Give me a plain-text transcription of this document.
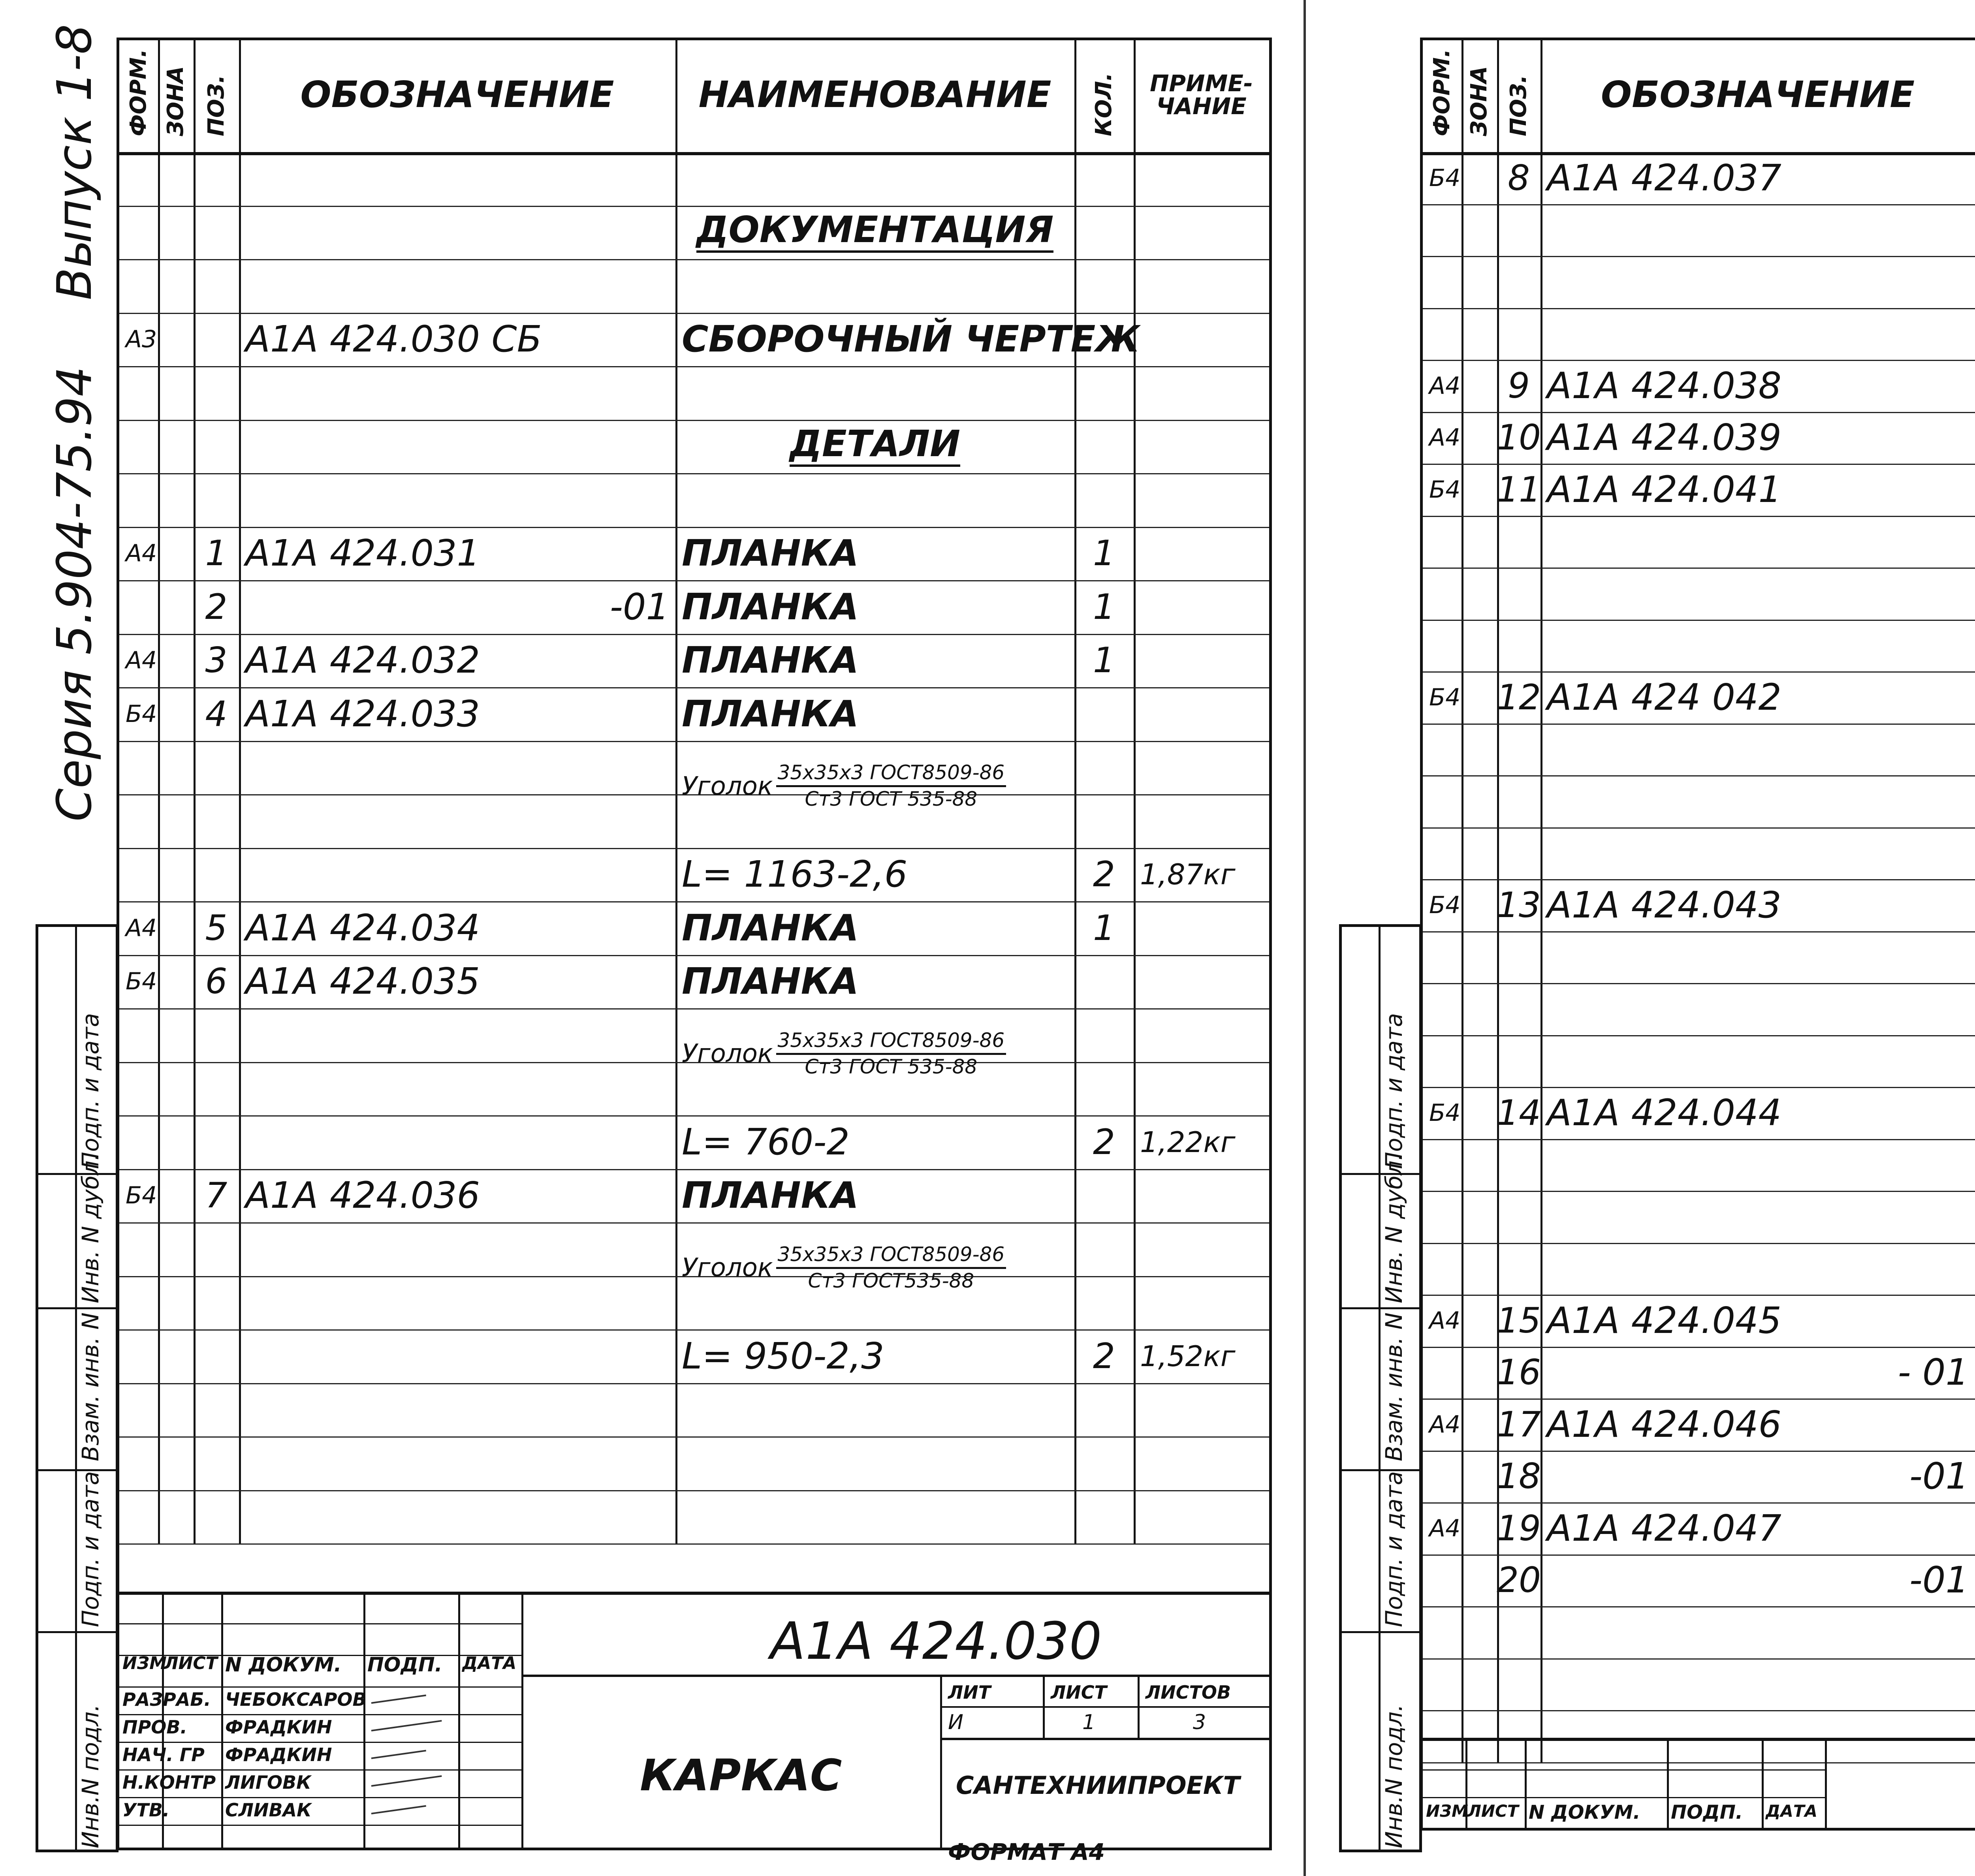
Серия 5.904-75.94
Выпуск 1-8
Инв.N подл.
Подп. и дата
Взам. инв. N
Инв. N дубл.
Подп. и дата
ФОРМ. ЗОНА ПОЗ.	ОБОЗНАЧЕНИЕ	НАИМЕНОВАНИЕ	КОЛ.	ПРИМЕ-ЧАНИЕ
ДОКУМЕНТАЦИЯ
А3 А1А 424.030 СБ	СБОРОЧНЫЙ ЧЕРТЕЖ
ДЕТАЛИ
А4 1 А1А 424.031	ПЛАНКА	1
2	-01 ПЛАНКА	1
А4 3 А1А 424.032	ПЛАНКА	1
Б4 4 А1А 424.033	ПЛАНКА
Уголок $\frac{\text{35x35x3 ГОСТ8509-86}}{\text{Ст3 ГОСТ 535-88}}$
L= 1163-2,6	2 1,87кг
А4 5 А1А 424.034	ПЛАНКА	1
Б4 6 А1А 424.035	ПЛАНКА
Уголок $\frac{\text{35x35x3 ГОСТ8509-86}}{\text{Ст3 ГОСТ 535-88}}$
L= 760-2	2 1,22кг
Б4 7 А1А 424.036	ПЛАНКА
Уголок $\frac{\text{35x35x3 ГОСТ8509-86}}{\text{Ст3 ГОСТ535-88}}$
L= 950-2,3	2 1,52кг
А1А 424.030
КАРКАС	САНТЕХНИИПРОЕКТ
ИЗМ
ЛИСТ N ДОКУМ. ПОДП. ДАТА
РАЗРАБ. ЧЕБОКСАРОВ
ПРОВ. ФРАДКИН
НАЧ. ГР ФРАДКИН
Н.КОНТР ЛИГОВК
УТВ.	СЛИВАК
ЛИТ
И
ЛИСТ
1
ЛИСТОВ
3	Инв.N подл.
Подп. и дата
Взам. инв. N
Инв. N дубл.
Подп. и дата
ФОРМ. ЗОНА ПОЗ.	ОБОЗНАЧЕНИЕ
Б4 8 А1А 424.037
А4 9 А1А 424.038
А4 10 А1А 424.039
Б4 11 А1А 424.041
Б4 12 А1А 424 042
Б4 13 А1А 424.043
Б4 14 А1А 424.044
А4 15 А1А 424.045
16	- 01
А4 17 А1А 424.046
18	-01
А4 19 А1А 424.047
20	-01
ИЗМ
ЛИСТ N ДОКУМ. ПОДП. ДАТА
ФОРМАТ А4
